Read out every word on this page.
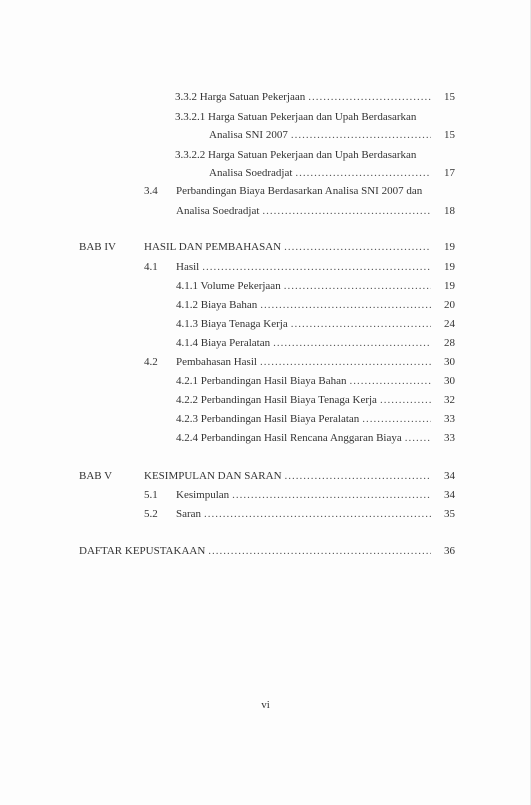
3.3.2 Harga Satuan Pekerjaan .....	15
3.3.2.1 Harga Satuan Pekerjaan dan Upah Berdasarkan
Analisa SNI 2007 .....	15
3.3.2.2 Harga Satuan Pekerjaan dan Upah Berdasarkan
Analisa Soedradjat .....	17
3.4 Perbandingan Biaya Berdasarkan Analisa SNI 2007 dan
Analisa Soedradjat .....	18
BAB IV	HASIL DAN PEMBAHASAN .....	19
4.1 Hasil .....	19
4.1.1 Volume Pekerjaan .....	19
4.1.2 Biaya Bahan .....	20
4.1.3 Biaya Tenaga Kerja .....	24
4.1.4 Biaya Peralatan .....	28
4.2 Pembahasan Hasil .....	30
4.2.1 Perbandingan Hasil Biaya Bahan .....	30
4.2.2 Perbandingan Hasil Biaya Tenaga Kerja .....	32
4.2.3 Perbandingan Hasil Biaya Peralatan .....	33
4.2.4 Perbandingan Hasil Rencana Anggaran Biaya .....	33
BAB V	KESIMPULAN DAN SARAN .....	34
5.1 Kesimpulan .....	34
5.2 Saran .....	35
DAFTAR KEPUSTAKAAN .....	36
vi
